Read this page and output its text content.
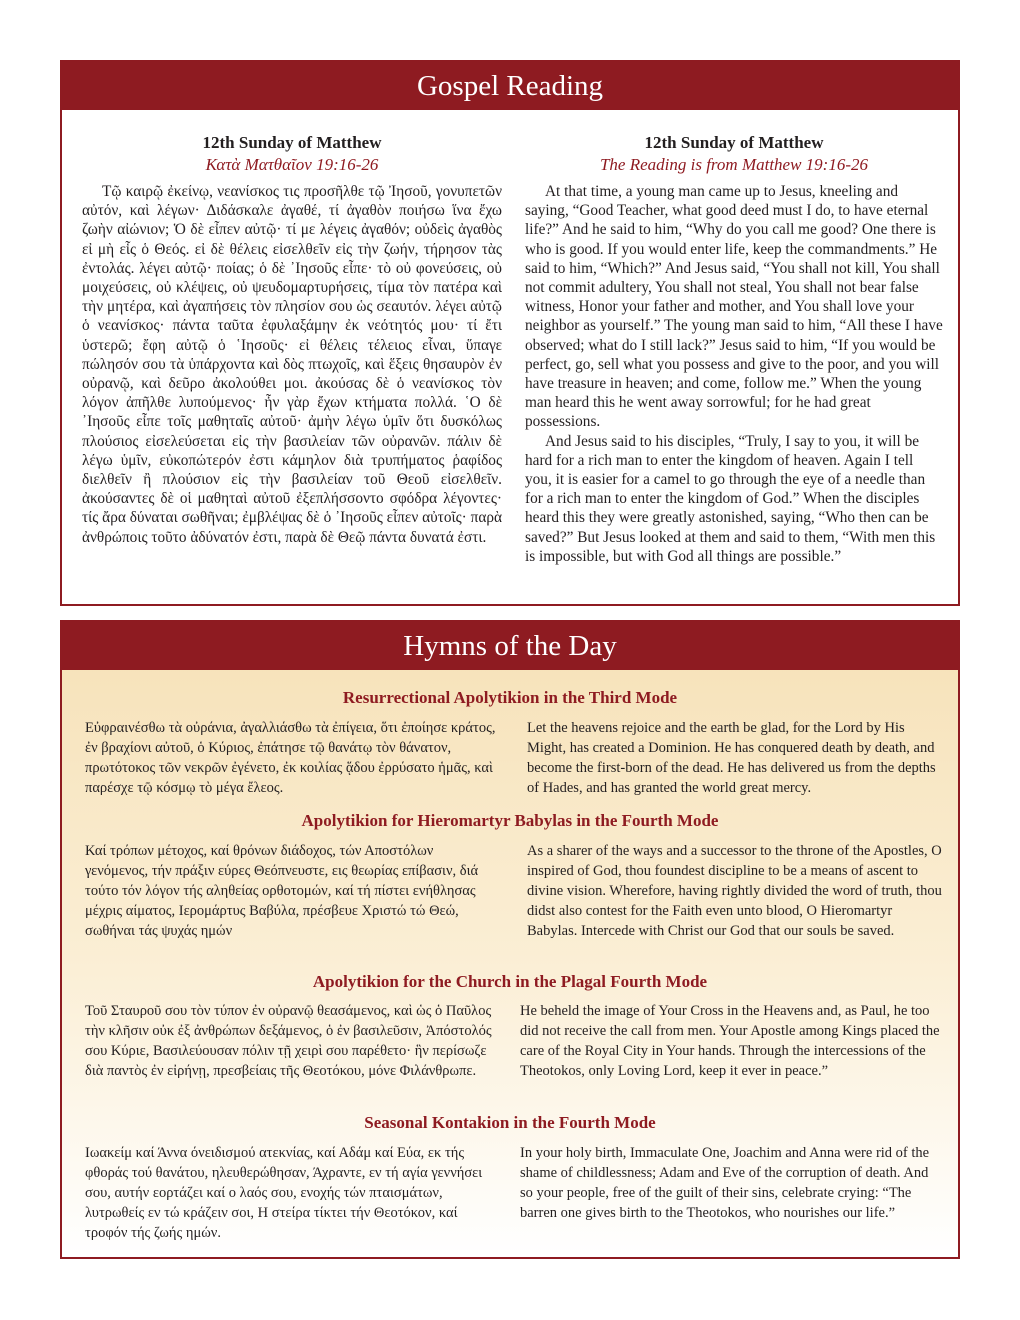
Gospel Reading
12th Sunday of Matthew
Κατὰ Ματθαῖον 19:16-26

Τῷ καιρῷ ἐκείνῳ, νεανίσκος τις προσῆλθε τῷ Ἰησοῦ, γονυπετῶν αὐτόν, καὶ λέγων· Διδάσκαλε ἀγαθέ, τί ἀγαθὸν ποιήσω ἵνα ἔχω ζωὴν αἰώνιον; Ὁ δὲ εἶπεν αὐτῷ· τί με λέγεις ἀγαθόν; οὐδεὶς ἀγαθὸς εἰ μὴ εἷς ὁ Θεός. εἰ δὲ θέλεις εἰσελθεῖν εἰς τὴν ζωήν, τήρησον τὰς ἐντολάς. λέγει αὐτῷ· ποίας; ὁ δὲ ᾿Ιησοῦς εἶπε· τὸ οὐ φονεύσεις, οὐ μοιχεύσεις, οὐ κλέψεις, οὐ ψευδομαρτυρήσεις, τίμα τὸν πατέρα καὶ τὴν μητέρα, καὶ ἀγαπήσεις τὸν πλησίον σου ὡς σεαυτόν. λέγει αὐτῷ ὁ νεανίσκος· πάντα ταῦτα ἐφυλαξάμην ἐκ νεότητός μου· τί ἔτι ὑστερῶ; ἔφη αὐτῷ ὁ ῾Ιησοῦς· εἰ θέλεις τέλειος εἶναι, ὕπαγε πώλησόν σου τὰ ὑπάρχοντα καὶ δὸς πτωχοῖς, καὶ ἕξεις θησαυρὸν ἐν οὐρανῷ, καὶ δεῦρο ἀκολούθει μοι. ἀκούσας δὲ ὁ νεανίσκος τὸν λόγον ἀπῆλθε λυπούμενος· ἦν γὰρ ἔχων κτήματα πολλά. ῾Ο δὲ ᾿Ιησοῦς εἶπε τοῖς μαθηταῖς αὐτοῦ· ἀμὴν λέγω ὑμῖν ὅτι δυσκόλως πλούσιος εἰσελεύσεται εἰς τὴν βασιλείαν τῶν οὐρανῶν. πάλιν δὲ λέγω ὑμῖν, εὐκοπώτερόν ἐστι κάμηλον διὰ τρυπήματος ῥαφίδος διελθεῖν ἢ πλούσιον εἰς τὴν βασιλείαν τοῦ Θεοῦ εἰσελθεῖν. ἀκούσαντες δὲ οἱ μαθηταὶ αὐτοῦ ἐξεπλήσσοντο σφόδρα λέγοντες· τίς ἄρα δύναται σωθῆναι; ἐμβλέψας δὲ ὁ ᾿Ιησοῦς εἶπεν αὐτοῖς· παρὰ ἀνθρώποις τοῦτο ἀδύνατόν ἐστι, παρὰ δὲ Θεῷ πάντα δυνατά ἐστι.

12th Sunday of Matthew
The Reading is from Matthew 19:16-26

At that time, a young man came up to Jesus, kneeling and saying, “Good Teacher, what good deed must I do, to have eternal life?” And he said to him, “Why do you call me good? One there is who is good. If you would enter life, keep the commandments.” He said to him, “Which?” And Jesus said, “You shall not kill, You shall not commit adultery, You shall not steal, You shall not bear false witness, Honor your father and mother, and You shall love your neighbor as yourself.” The young man said to him, “All these I have observed; what do I still lack?” Jesus said to him, “If you would be perfect, go, sell what you possess and give to the poor, and you will have treasure in heaven; and come, follow me.” When the young man heard this he went away sorrowful; for he had great possessions.

And Jesus said to his disciples, “Truly, I say to you, it will be hard for a rich man to enter the kingdom of heaven. Again I tell you, it is easier for a camel to go through the eye of a needle than for a rich man to enter the kingdom of God.” When the disciples heard this they were greatly astonished, saying, “Who then can be saved?” But Jesus looked at them and said to them, “With men this is impossible, but with God all things are possible.”

Hymns of the Day
Resurrectional Apolytikion in the Third Mode
Εὐφραινέσθω τὰ οὐράνια, ἀγαλλιάσθω τὰ ἐπίγεια, ὅτι ἐποίησε κράτος, ἐν βραχίονι αὐτοῦ, ὁ Κύριος, ἐπάτησε τῷ θανάτῳ τὸν θάνατον, πρωτότοκος τῶν νεκρῶν ἐγένετο, ἐκ κοιλίας ᾅδου ἐρρύσατο ἡμᾶς, καὶ παρέσχε τῷ κόσμῳ τὸ μέγα ἔλεος.
Let the heavens rejoice and the earth be glad, for the Lord by His Might, has created a Dominion. He has conquered death by death, and become the first-born of the dead. He has delivered us from the depths of Hades, and has granted the world great mercy.
Apolytikion for Hieromartyr Babylas in the Fourth Mode
Καί τρόπων μέτοχος, καί θρόνων διάδοχος, τών Αποστόλων γενόμενος, τήν πράξιν εύρες Θεόπνευστε, εις θεωρίας επίβασιν, διά τούτο τόν λόγον τής αληθείας ορθοτομών, καί τή πίστει ενήθλησας μέχρις αίματος, Ιερομάρτυς Βαβύλα, πρέσβευε Χριστώ τώ Θεώ, σωθήναι τάς ψυχάς ημών
As a sharer of the ways and a successor to the throne of the Apostles, O inspired of God, thou foundest discipline to be a means of ascent to divine vision. Wherefore, having rightly divided the word of truth, thou didst also contest for the Faith even unto blood, O Hieromartyr Babylas. Intercede with Christ our God that our souls be saved.
Apolytikion for the Church in the Plagal Fourth Mode
Τοῦ Σταυροῦ σου τὸν τύπον ἐν οὐρανῷ θεασάμενος, καὶ ὡς ὁ Παῦλος τὴν κλῆσιν οὐκ ἐξ ἀνθρώπων δεξάμενος, ὁ ἐν βασιλεῦσιν, Ἀπόστολός σου Κύριε, Βασιλεύουσαν πόλιν τῇ χειρὶ σου παρέθετο· ἣν περίσωζε διὰ παντὸς ἐν εἰρήνῃ, πρεσβείαις τῆς Θεοτόκου, μόνε Φιλάνθρωπε.
He beheld the image of Your Cross in the Heavens and, as Paul, he too did not receive the call from men. Your Apostle among Kings placed the care of the Royal City in Your hands. Through the intercessions of the Theotokos, only Loving Lord, keep it ever in peace.”
Seasonal Kontakion in the Fourth Mode
Ιωακείμ καί Άννα όνειδισμού ατεκνίας, καί Αδάμ καί Εύα, εκ τής φθοράς τού θανάτου, ηλευθερώθησαν, Άχραντε, εν τή αγία γεννήσει σου, αυτήν εορτάζει καί ο λαός σου, ενοχής τών πταισμάτων, λυτρωθείς εν τώ κράζειν σοι, Η στείρα τίκτει τήν Θεοτόκον, καί τροφόν τής ζωής ημών.
In your holy birth, Immaculate One, Joachim and Anna were rid of the shame of childlessness; Adam and Eve of the corruption of death. And so your people, free of the guilt of their sins, celebrate crying: “The barren one gives birth to the Theotokos, who nourishes our life.”
